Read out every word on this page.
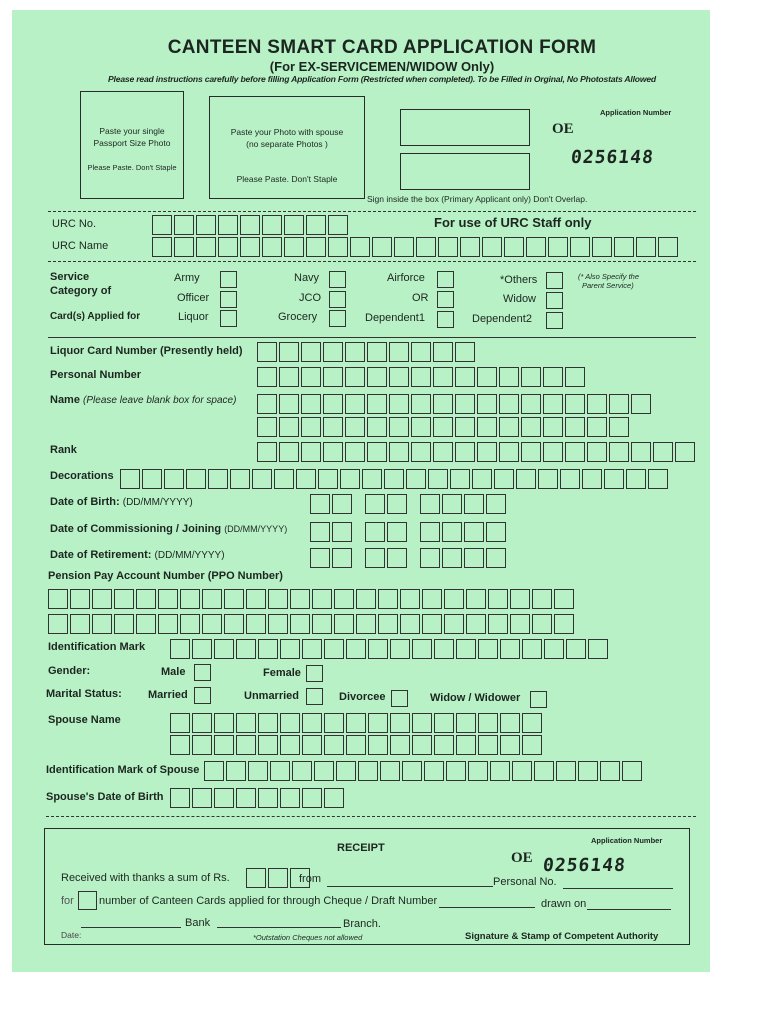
CANTEEN SMART CARD APPLICATION FORM
(For EX-SERVICEMEN/WIDOW Only)
Please read instructions carefully before filling Application Form (Restricted when completed). To be Filled in Orginal, No Photostats Allowed
Paste your single
Passport Size Photo
Please Paste. Don't Staple
Paste your Photo with spouse
(no separate Photos )
Please Paste. Don't Staple
Sign inside the box (Primary Applicant only) Don't Overlap.
Application Number
OE
0256148
URC No.	For use of URC Staff only
URC Name
Service
Category of
Card(s) Applied for
Army	Navy	Airforce	*Others	(* Also Specify the
Parent Service)
Officer	JCO	OR	Widow
Liquor	Grocery	Dependent1	Dependent2
Liquor Card Number (Presently held)
Personal Number
Name (Please leave blank box for space)
Rank
Decorations
Date of Birth: (DD/MM/YYYY)
Date of Commissioning / Joining (DD/MM/YYYY)
Date of Retirement: (DD/MM/YYYY)
Pension Pay Account Number (PPO Number)
Identification Mark
Gender:	Male	Female
Marital Status: Married	Unmarried	Divorcee	Widow / Widower
Spouse Name
Identification Mark of Spouse
Spouse's Date of Birth
RECEIPT
Application Number
OE 0256148
Received with thanks a sum of Rs.	from	Personal No.
for number of Canteen Cards applied for through Cheque / Draft Number	drawn on
Bank	Branch.
Date:	*Outstation Cheques not allowed	Signature & Stamp of Competent Authority
